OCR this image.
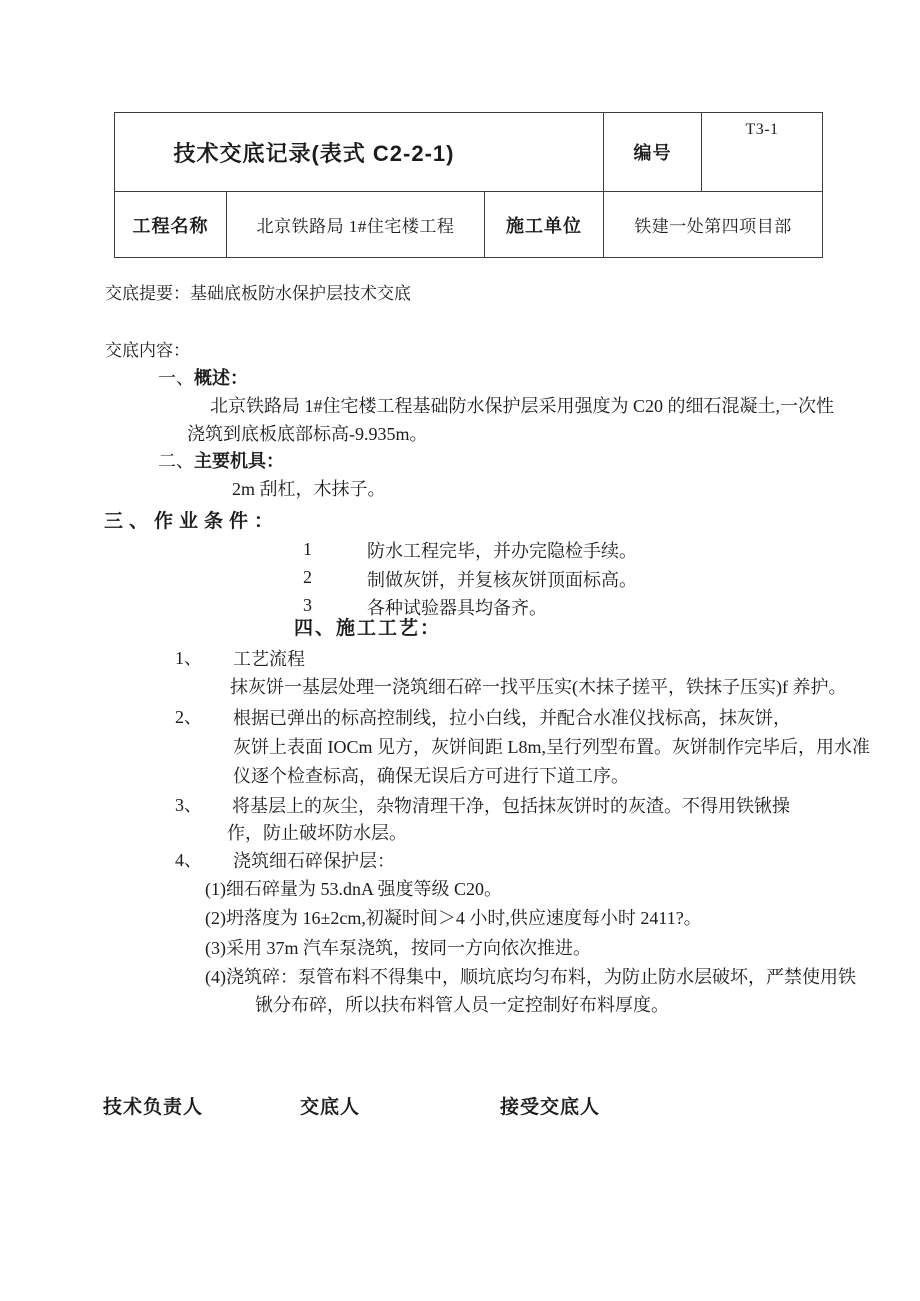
技术交底记录(表式 C2-2-1)	编号
T3-1
工程名称	北京铁路局 1#住宅楼工程	施工单位	铁建一处第四项目部
交底提要：基础底板防水保护层技术交底
交底内容：
一、概述：
北京铁路局 1#住宅楼工程基础防水保护层采用强度为 C20 的细石混凝土,一次性
浇筑到底板底部标高-9.935m。
二、主要机具：
2m 刮杠，木抹子。
三、作业条件：
1	防水工程完毕，并办完隐检手续。
2	制做灰饼，并复核灰饼顶面标高。
3	各种试验器具均备齐。
四、施工工艺：
1、 工艺流程
抹灰饼一基层处理一浇筑细石碎一找平压实(木抹子搓平，铁抹子压实)f 养护。
2、 根据已弹出的标高控制线，拉小白线，并配合水准仪找标高，抹灰饼，
灰饼上表面 IOCm 见方，灰饼间距 L8m,呈行列型布置。灰饼制作完毕后，用水准
仪逐个检查标高，确保无误后方可进行下道工序。
3、 将基层上的灰尘，杂物清理干净，包括抹灰饼时的灰渣。不得用铁锹操
作，防止破坏防水层。
4、 浇筑细石碎保护层：
(1)细石碎量为 53.dnA 强度等级 C20。
(2)坍落度为 16±2cm,初凝时间＞4 小时,供应速度每小时 2411?。
(3)采用 37m 汽车泵浇筑，按同一方向依次推进。
(4)浇筑碎：泵管布料不得集中，顺坑底均匀布料，为防止防水层破坏，严禁使用铁
锹分布碎，所以扶布料管人员一定控制好布料厚度。
技术负责人	交底人	接受交底人
